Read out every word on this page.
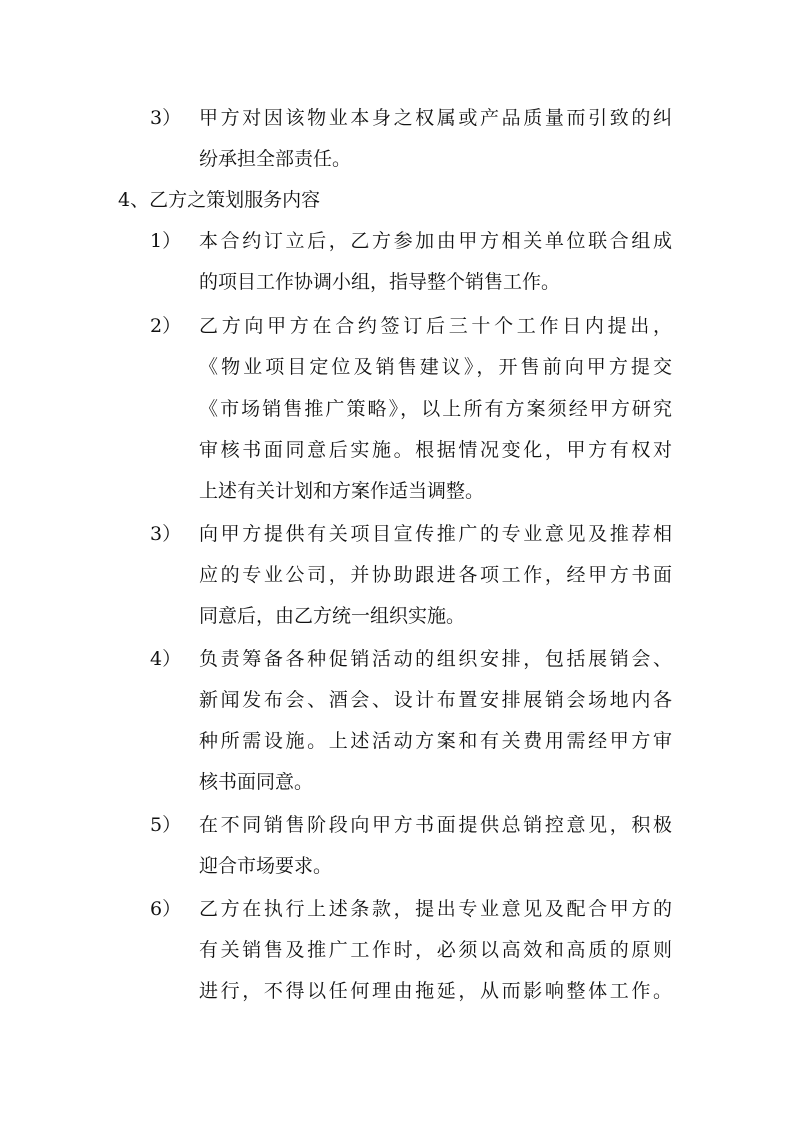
3） 甲方对因该物业本身之权属或产品质量而引致的纠
纷承担全部责任。
4、乙方之策划服务内容
1） 本合约订立后，乙方参加由甲方相关单位联合组成
的项目工作协调小组，指导整个销售工作。
2） 乙方向甲方在合约签订后三十个工作日内提出，
《物业项目定位及销售建议》，开售前向甲方提交
《市场销售推广策略》，以上所有方案须经甲方研究
审核书面同意后实施。根据情况变化，甲方有权对
上述有关计划和方案作适当调整。
3） 向甲方提供有关项目宣传推广的专业意见及推荐相
应的专业公司，并协助跟进各项工作，经甲方书面
同意后，由乙方统一组织实施。
4） 负责筹备各种促销活动的组织安排，包括展销会、
新闻发布会、酒会、设计布置安排展销会场地内各
种所需设施。上述活动方案和有关费用需经甲方审
核书面同意。
5） 在不同销售阶段向甲方书面提供总销控意见，积极
迎合市场要求。
6） 乙方在执行上述条款，提出专业意见及配合甲方的
有关销售及推广工作时，必须以高效和高质的原则
进行，不得以任何理由拖延，从而影响整体工作。
